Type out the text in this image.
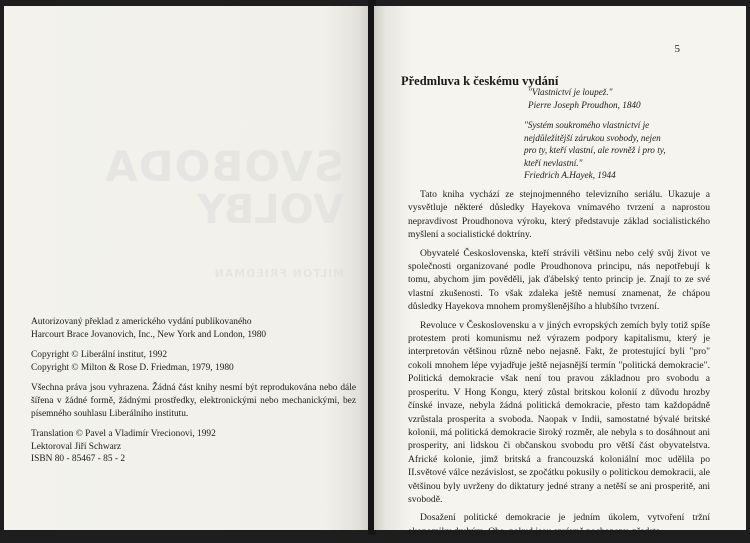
SVOBODA
VOLBY
MILTON FRIEDMAN

Autorizovaný překlad z amerického vydání publikovaného
Harcourt Brace Jovanovich, Inc., New York and London, 1980

Copyright © Liberální institut, 1992
Copyright © Milton & Rose D. Friedman, 1979, 1980

Všechna práva jsou vyhrazena. Žádná část knihy nesmí být reprodukována nebo dále šířena v žádné formě, žádnými prostředky, elektronickými nebo mechanickými, bez písemného souhlasu Liberálního institutu.

Translation © Pavel a Vladimír Vrecionovi, 1992
Lektoroval Jiří Schwarz
ISBN 80 - 85467 - 85 - 2

5
Předmluva k českému vydání
"Vlastnictví je loupež."
Pierre Joseph Proudhon, 1840
"Systém soukromého vlastnictví je
nejdůležitější zárukou svobody, nejen
pro ty, kteří vlastní, ale rovněž i pro ty,
kteří nevlastní."
Friedrich A.Hayek, 1944

Tato kniha vychází ze stejnojmenného televizního seriálu. Ukazuje a vysvětluje některé důsledky Hayekova vnímavého tvrzení a naprostou nepravdivost Proudhonova výroku, který představuje základ socialistického myšlení a socialistické doktríny.

Obyvatelé Československa, kteří strávili většinu nebo celý svůj život ve společnosti organizované podle Proudhonova principu, nás nepotřebují k tomu, abychom jim pověděli, jak ďábelský tento princip je. Znají to ze své vlastní zkušenosti. To však zdaleka ještě nemusí znamenat, že chápou důsledky Hayekova mnohem promyšlenějšího a hlubšího tvrzení.

Revoluce v Československu a v jiných evropských zemích byly totiž spíše protestem proti komunismu než výrazem podpory kapitalismu, který je interpretován většinou různě nebo nejasně. Fakt, že protestující byli "pro" cokoli mnohem lépe vyjadřuje ještě nejasnější termín "politická demokracie". Politická demokracie však není tou pravou základnou pro svobodu a prosperitu. V Hong Kongu, který zůstal britskou kolonií z důvodu hrozby čínské invaze, nebyla žádná politická demokracie, přesto tam každopádně vzrůstala prosperita a svoboda. Naopak v Indii, samostatné bývalé britské kolonii, má politická demokracie široký rozměr, ale nebyla s to dosáhnout ani prosperity, ani lidskou či občanskou svobodu pro větší část obyvatelstva. Africké kolonie, jimž britská a francouzská koloniální moc udělila po II.světové válce nezávislost, se zpočátku pokusily o politickou demokracii, ale většinou byly uvrženy do diktatury jedné strany a netěší se ani prosperitě, ani svobodě.

Dosažení politické demokracie je jedním úkolem, vytvoření tržní ekonomiky druhým. Oba, pokud jsou správně pochopeny, předsta-
